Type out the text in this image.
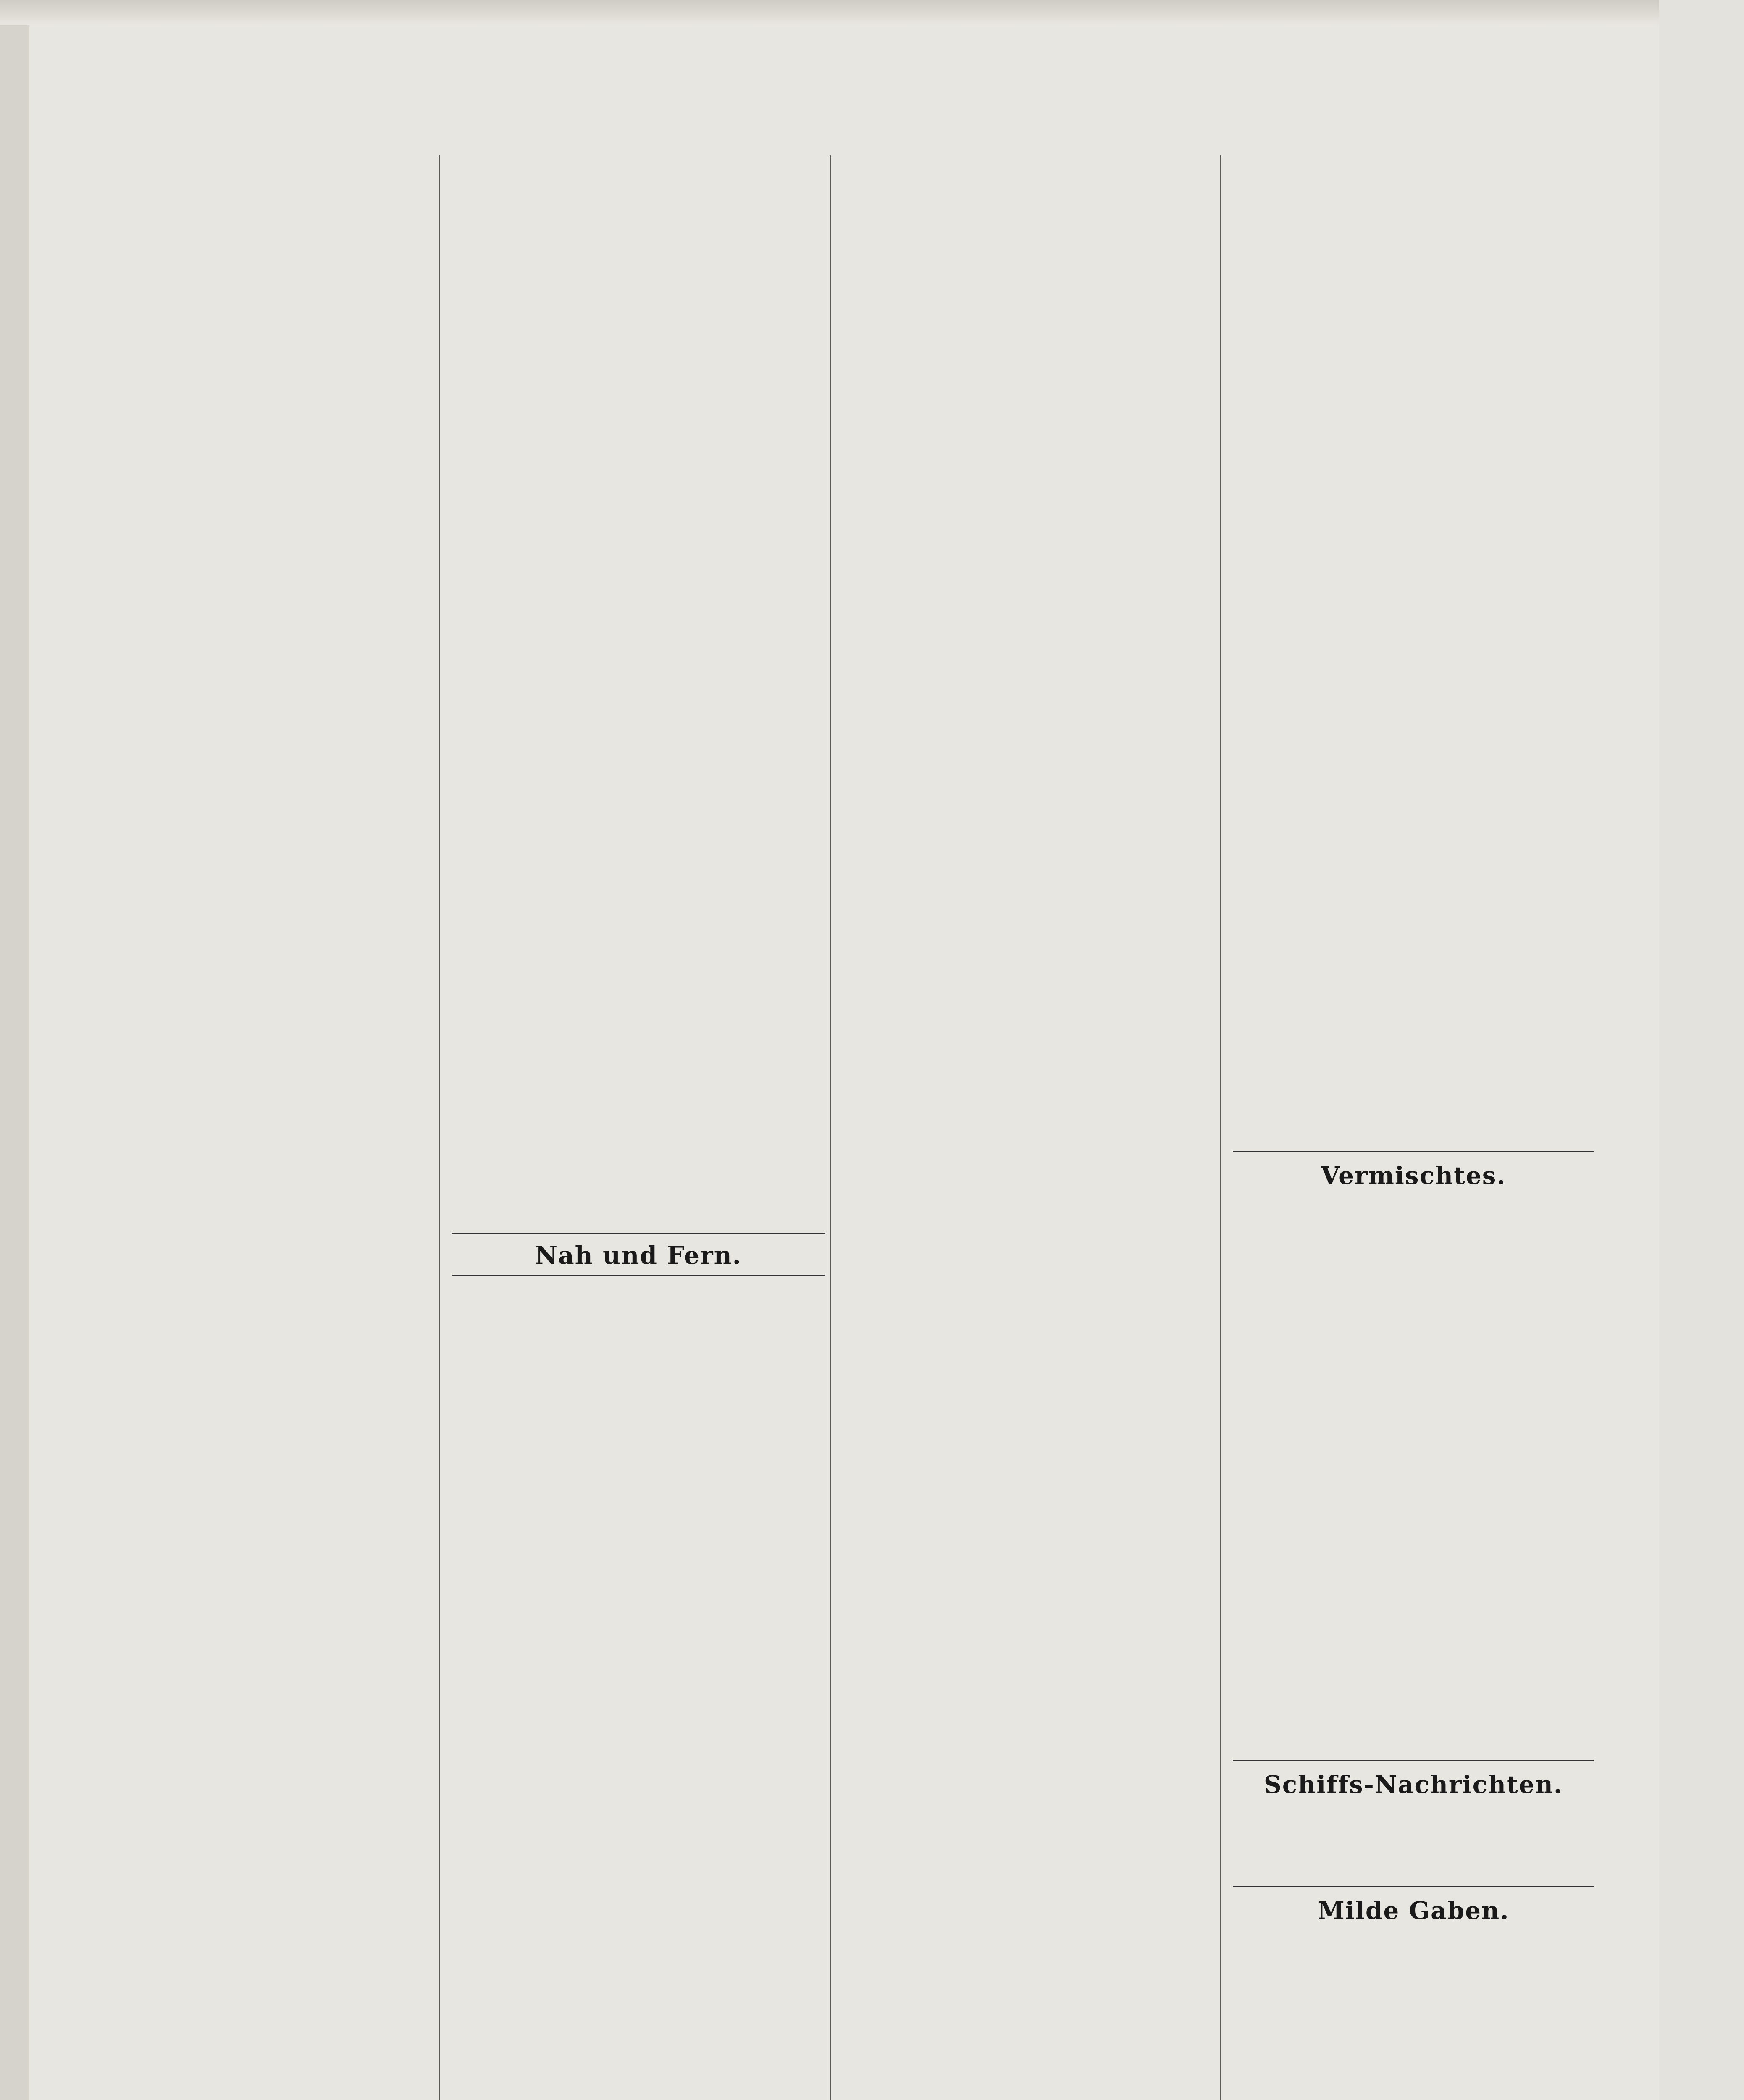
Nah und Fern.
Vermischtes.
Schiffs-Nachrichten.
Milde Gaben.
